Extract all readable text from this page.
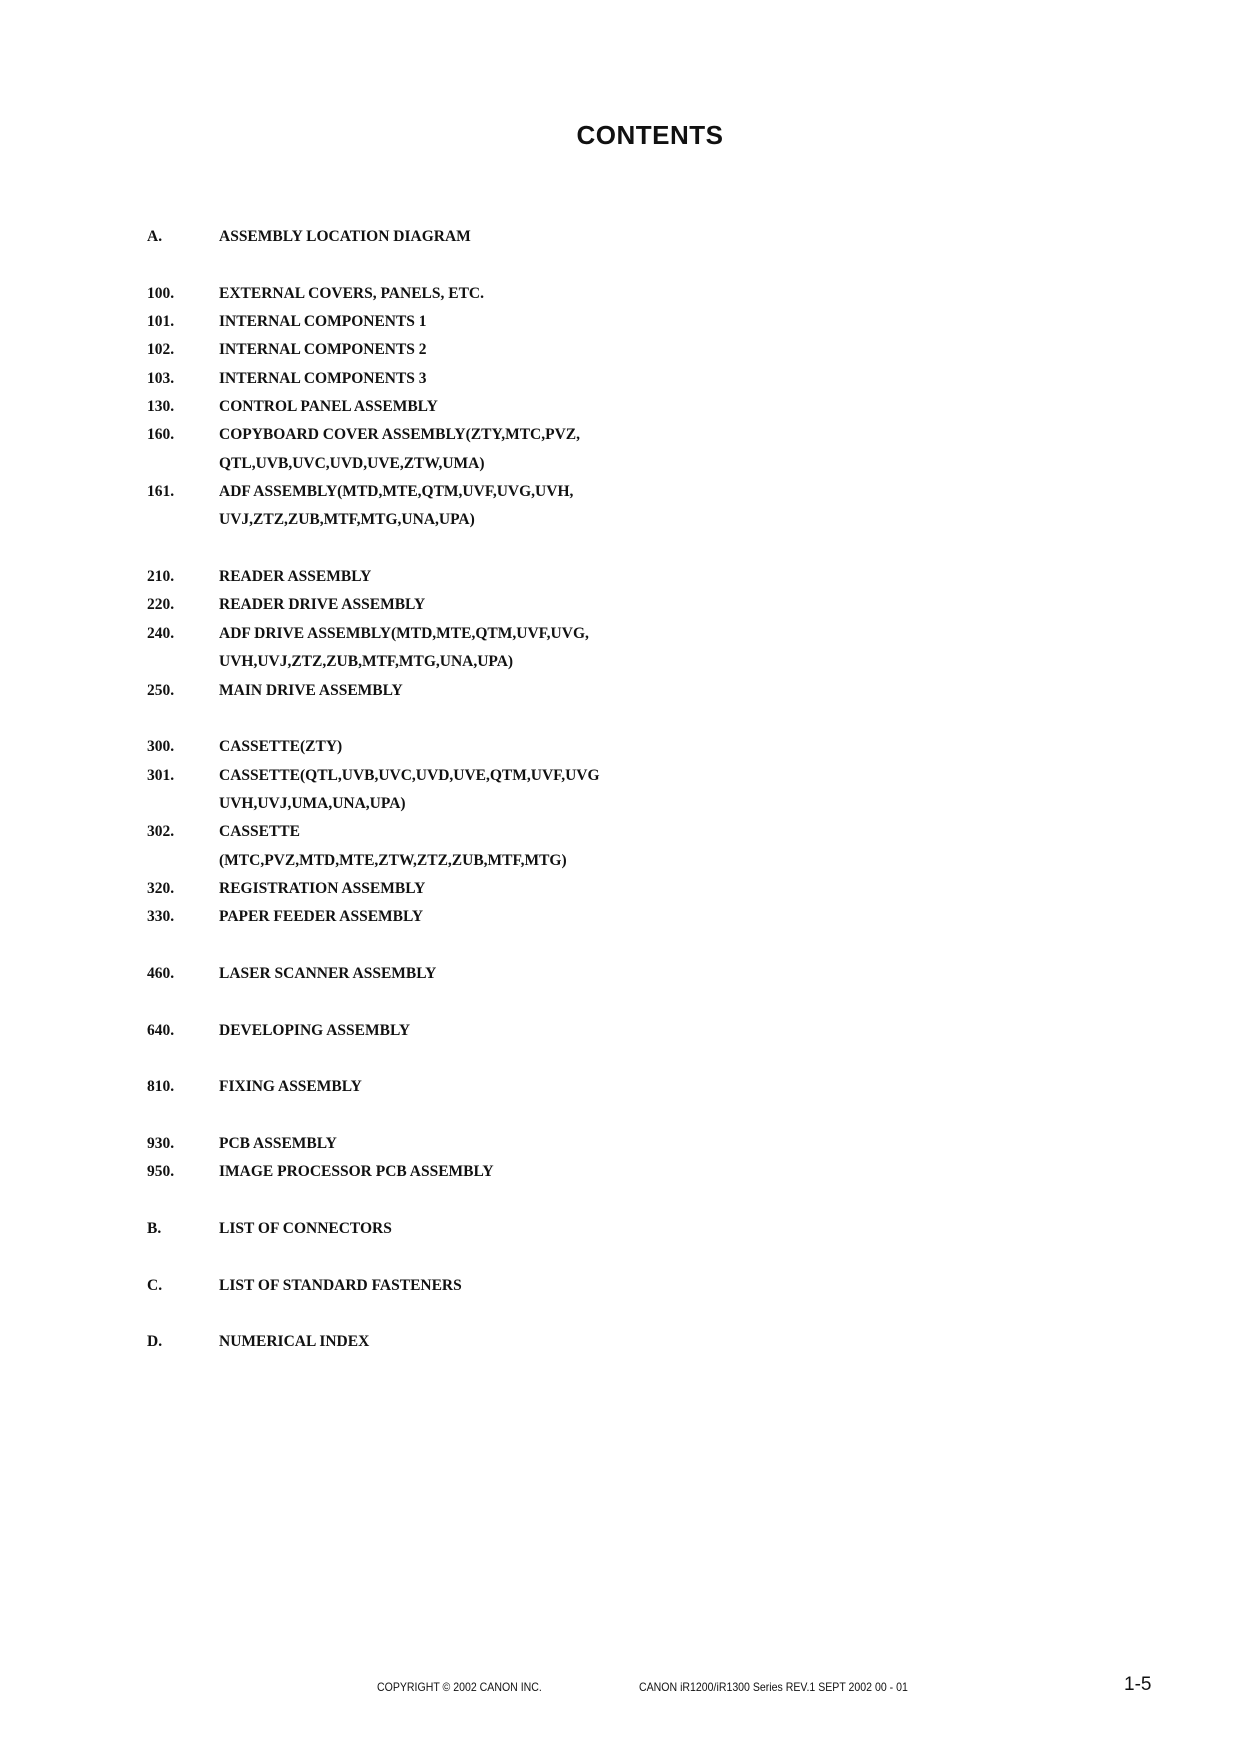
CONTENTS
A.	ASSEMBLY LOCATION DIAGRAM
100.	EXTERNAL COVERS, PANELS, ETC.
101.	INTERNAL COMPONENTS 1
102.	INTERNAL COMPONENTS 2
103.	INTERNAL COMPONENTS 3
130.	CONTROL PANEL ASSEMBLY
160.	COPYBOARD COVER ASSEMBLY(ZTY,MTC,PVZ,
QTL,UVB,UVC,UVD,UVE,ZTW,UMA)
161.	ADF ASSEMBLY(MTD,MTE,QTM,UVF,UVG,UVH,
UVJ,ZTZ,ZUB,MTF,MTG,UNA,UPA)
210.	READER ASSEMBLY
220.	READER DRIVE ASSEMBLY
240.	ADF DRIVE ASSEMBLY(MTD,MTE,QTM,UVF,UVG,
UVH,UVJ,ZTZ,ZUB,MTF,MTG,UNA,UPA)
250.	MAIN DRIVE ASSEMBLY
300.	CASSETTE(ZTY)
301.	CASSETTE(QTL,UVB,UVC,UVD,UVE,QTM,UVF,UVG
UVH,UVJ,UMA,UNA,UPA)
302.	CASSETTE
(MTC,PVZ,MTD,MTE,ZTW,ZTZ,ZUB,MTF,MTG)
320.	REGISTRATION ASSEMBLY
330.	PAPER FEEDER ASSEMBLY
460.	LASER SCANNER ASSEMBLY
640.	DEVELOPING ASSEMBLY
810.	FIXING ASSEMBLY
930.	PCB ASSEMBLY
950.	IMAGE PROCESSOR PCB ASSEMBLY
B.	LIST OF CONNECTORS
C.	LIST OF STANDARD FASTENERS
D.	NUMERICAL INDEX
COPYRIGHT © 2002 CANON INC.	CANON iR1200/iR1300 Series REV.1 SEPT 2002 00 - 01	1-5
